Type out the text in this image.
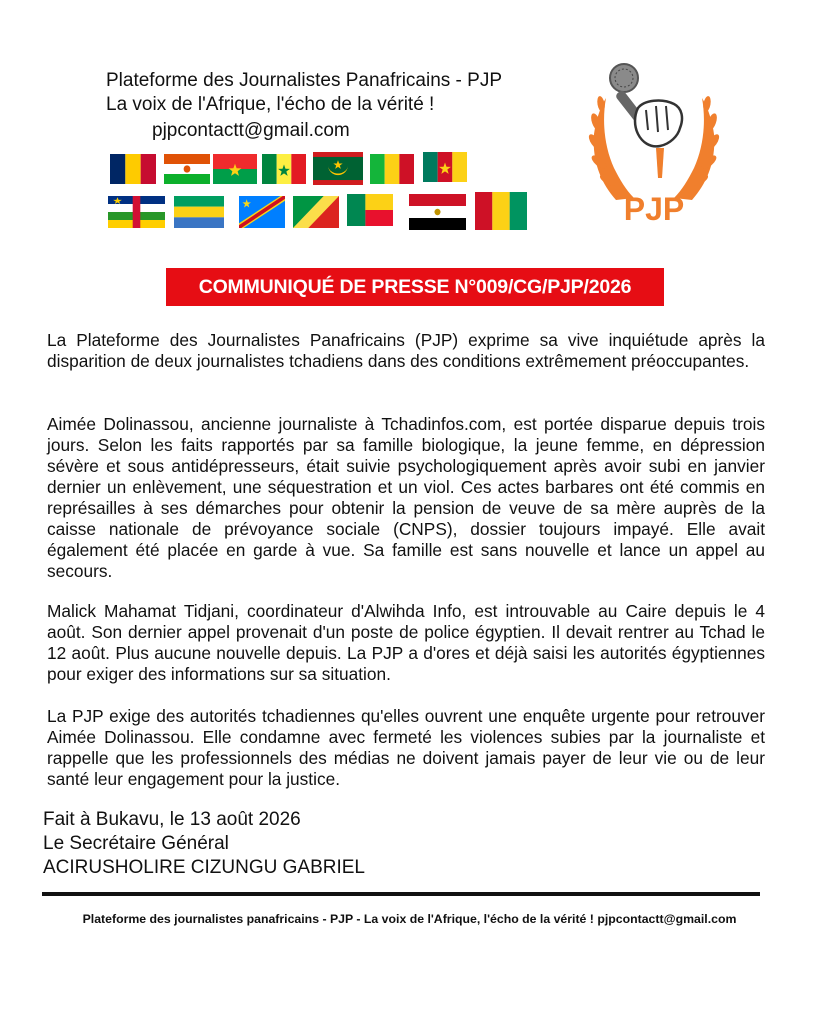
Plateforme des Journalistes Panafricains - PJP
La voix de l'Afrique, l'écho de la vérité !
pjpcontactt@gmail.com
PJP
COMMUNIQUÉ DE PRESSE N°009/CG/PJP/2026

La Plateforme des Journalistes Panafricains (PJP) exprime sa vive inquiétude après la disparition de deux journalistes tchadiens dans des conditions extrêmement préoccupantes.

Aimée Dolinassou, ancienne journaliste à Tchadinfos.com, est portée disparue depuis trois jours. Selon les faits rapportés par sa famille biologique, la jeune femme, en dépression sévère et sous antidépresseurs, était suivie psychologiquement après avoir subi en janvier dernier un enlèvement, une séquestration et un viol. Ces actes barbares ont été commis en représailles à ses démarches pour obtenir la pension de veuve de sa mère auprès de la caisse nationale de prévoyance sociale (CNPS), dossier toujours impayé. Elle avait également été placée en garde à vue. Sa famille est sans nouvelle et lance un appel au secours.

Malick Mahamat Tidjani, coordinateur d'Alwihda Info, est introuvable au Caire depuis le 4 août. Son dernier appel provenait d'un poste de police égyptien. Il devait rentrer au Tchad le 12 août. Plus aucune nouvelle depuis. La PJP a d'ores et déjà saisi les autorités égyptiennes pour exiger des informations sur sa situation.

La PJP exige des autorités tchadiennes qu'elles ouvrent une enquête urgente pour retrouver Aimée Dolinassou. Elle condamne avec fermeté les violences subies par la journaliste et rappelle que les professionnels des médias ne doivent jamais payer de leur vie ou de leur santé leur engagement pour la justice.

Fait à Bukavu, le 13 août 2026
Le Secrétaire Général
ACIRUSHOLIRE CIZUNGU GABRIEL
Plateforme des journalistes panafricains - PJP - La voix de l'Afrique, l'écho de la vérité ! pjpcontactt@gmail.com
